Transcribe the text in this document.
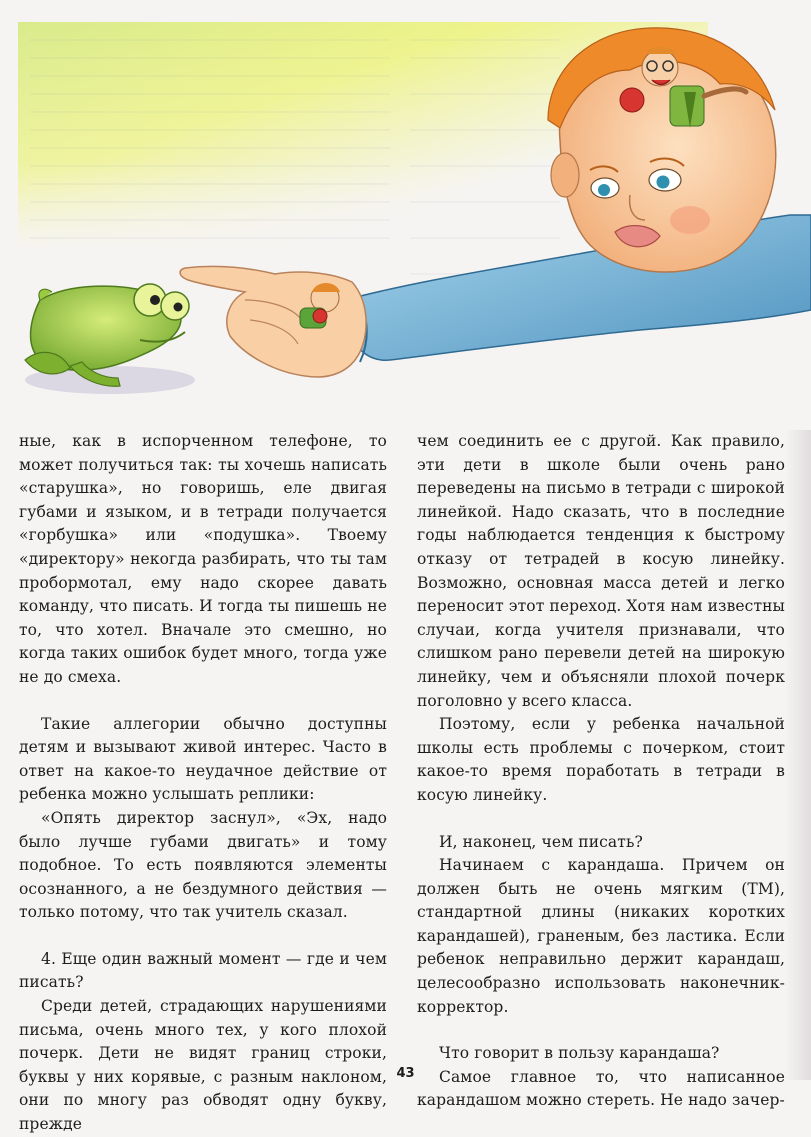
ные, как в испорченном телефоне, то может получиться так: ты хочешь написать «старушка», но говоришь, еле двигая губами и языком, и в тетради получается «горбушка» или «подушка». Твоему «директору» некогда разбирать, что ты там пробормотал, ему надо скорее давать команду, что писать. И тогда ты пишешь не то, что хотел. Вначале это смешно, но когда таких ошибок будет много, тогда уже не до смеха.

Такие аллегории обычно доступны детям и вызывают живой интерес. Часто в ответ на какое-то неудачное действие от ребенка можно услышать реплики:

«Опять директор заснул», «Эх, надо было лучше губами двигать» и тому подобное. То есть появляются элементы осознанного, а не бездумного действия — только потому, что так учитель сказал.

4. Еще один важный момент — где и чем писать?

Среди детей, страдающих нарушениями письма, очень много тех, у кого плохой почерк. Дети не видят границ строки, буквы у них корявые, с разным наклоном, они по многу раз обводят одну букву, прежде

чем соединить ее с другой. Как правило, эти дети в школе были очень рано переведены на письмо в тетради с широкой линейкой. Надо сказать, что в последние годы наблюдается тенденция к быстрому отказу от тетрадей в косую линейку. Возможно, основная масса детей и легко переносит этот переход. Хотя нам известны случаи, когда учителя признавали, что слишком рано перевели детей на широкую линейку, чем и объясняли плохой почерк поголовно у всего класса.

Поэтому, если у ребенка начальной школы есть проблемы с почерком, стоит какое-то время поработать в тетради в косую линейку.

И, наконец, чем писать?

Начинаем с карандаша. Причем он должен быть не очень мягким (ТМ), стандартной длины (никаких коротких карандашей), граненым, без ластика. Если ребенок неправильно держит карандаш, целесообразно использовать наконечник-корректор.

Что говорит в пользу карандаша?

Самое главное то, что написанное карандашом можно стереть. Не надо зачер-

43
